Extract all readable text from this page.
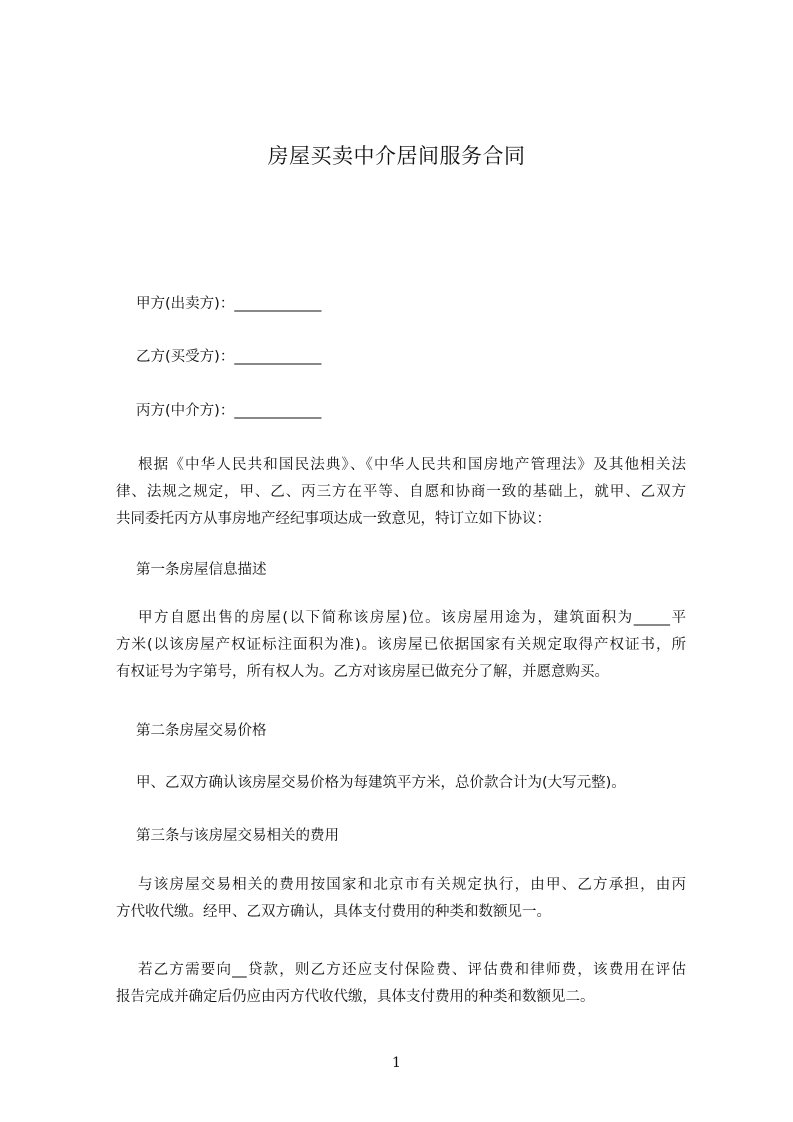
房屋买卖中介居间服务合同
甲方(出卖方)：____________
乙方(买受方)：____________
丙方(中介方)：____________

根据《中华人民共和国民法典》、《中华人民共和国房地产管理法》及其他相关法

律、法规之规定，甲、乙、丙三方在平等、自愿和协商一致的基础上，就甲、乙双方

共同委托丙方从事房地产经纪事项达成一致意见，特订立如下协议：

第一条房屋信息描述

甲方自愿出售的房屋(以下简称该房屋)位。该房屋用途为，建筑面积为_____平

方米(以该房屋产权证标注面积为准)。该房屋已依据国家有关规定取得产权证书，所

有权证号为字第号，所有权人为。乙方对该房屋已做充分了解，并愿意购买。

第二条房屋交易价格
甲、乙双方确认该房屋交易价格为每建筑平方米，总价款合计为(大写元整)。
第三条与该房屋交易相关的费用

与该房屋交易相关的费用按国家和北京市有关规定执行，由甲、乙方承担，由丙

方代收代缴。经甲、乙双方确认，具体支付费用的种类和数额见一。

若乙方需要向__贷款，则乙方还应支付保险费、评估费和律师费，该费用在评估

报告完成并确定后仍应由丙方代收代缴，具体支付费用的种类和数额见二。

1
